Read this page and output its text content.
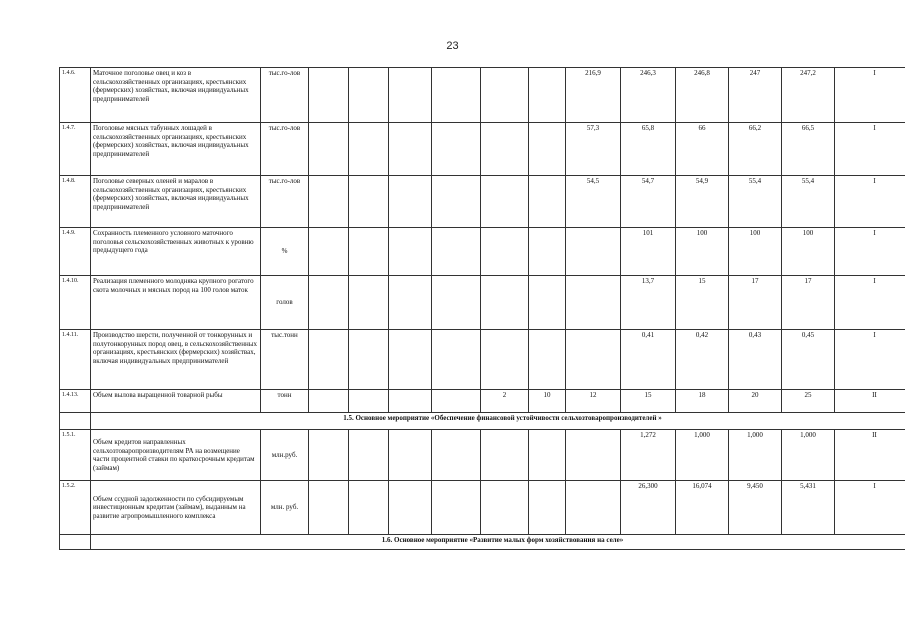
23
1.4.6.	Маточное поголовье овец и коз в сельскохозяйственных организациях, крестьянских (фермерских) хозяйствах, включая индивидуальных предпринимателей	тыс.го-лов							216,9	246,3	246,8	247	247,2	I
1.4.7.	Поголовье мясных табунных лошадей в сельскохозяйственных организациях, крестьянских (фермерских) хозяйствах, включая индивидуальных предпринимателей	тыс.го-лов							57,3	65,8	66	66,2	66,5	I
1.4.8.	Поголовье северных оленей и маралов в сельскохозяйственных организациях, крестьянских (фермерских) хозяйствах, включая индивидуальных предпринимателей	тыс.го-лов							54,5	54,7	54,9	55,4	55,4	I
1.4.9.	Сохранность племенного условного маточного поголовья сельскохозяйственных животных к уровню предыдущего года	%								101	100	100	100	I
1.4.10.	Реализация племенного молодняка крупного рогатого скота молочных и мясных пород на 100 голов маток	голов								13,7	15	17	17	I
1.4.11.	Производство шерсти, полученной от тонкорунных и полутонкорунных пород овец, в сельскохозяйственных организациях, крестьянских (фермерских) хозяйствах, включая индивидуальных предпринимателей	тыс.тонн								0,41	0,42	0,43	0,45	I
1.4.13.	Объем вылова выращенной товарной рыбы	тонн					2	10	12	15	18	20	25	II
	1.5. Основное мероприятие «Обеспечение финансовой устойчивости сельхозтоваропроизводителей »													
1.5.1.	Объем кредитов направленных сельхозтоваропроизводителям РА на возмещение части процентной ставки по краткосрочным кредитам (займам)	млн.руб.								1,272	1,000	1,000	1,000	II
1.5.2.	Объем ссудной задолженности по субсидируемым инвестиционным кредитам (займам), выданным на развитие агропромышленного комплекса	млн. руб.								26,300	16,074	9,450	5,431	I
	1.6. Основное мероприятие «Развитие малых форм хозяйствования на селе»													
